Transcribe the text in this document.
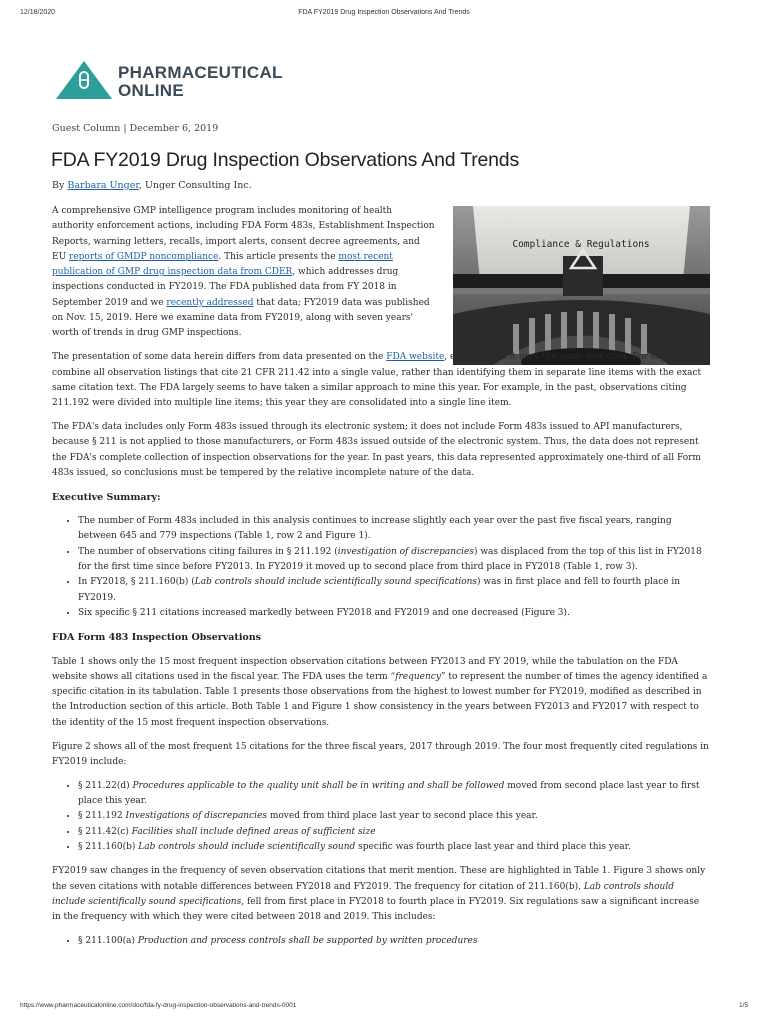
12/18/2020	FDA FY2019 Drug Inspection Observations And Trends
PHARMACEUTICAL
ONLINE
Guest Column | December 6, 2019
FDA FY2019 Drug Inspection Observations And Trends
By Barbara Unger, Unger Consulting Inc.
Compliance & Regulations

A comprehensive GMP intelligence program includes monitoring of health authority enforcement actions, including FDA Form 483s, Establishment Inspection Reports, warning letters, recalls, import alerts, consent decree agreements, and EU reports of GMDP noncompliance. This article presents the most recent publication of GMP drug inspection data from CDER, which addresses drug inspections conducted in FY2019. The FDA published data from FY 2018 in September 2019 and we recently addressed that data; FY2019 data was published on Nov. 15, 2019. Here we examine data from FY2019, along with seven years' worth of trends in drug GMP inspections.

The presentation of some data herein differs from data presented on the FDA website, even though it uses the same raw data. For example, I combine all observation listings that cite 21 CFR 211.42 into a single value, rather than identifying them in separate line items with the exact same citation text. The FDA largely seems to have taken a similar approach to mine this year. For example, in the past, observations citing 211.192 were divided into multiple line items; this year they are consolidated into a single line item.

The FDA's data includes only Form 483s issued through its electronic system; it does not include Form 483s issued to API manufacturers, because § 211 is not applied to those manufacturers, or Form 483s issued outside of the electronic system. Thus, the data does not represent the FDA's complete collection of inspection observations for the year. In past years, this data represented approximately one-third of all Form 483s issued, so conclusions must be tempered by the relative incomplete nature of the data.

Executive Summary:
• The number of Form 483s included in this analysis continues to increase slightly each year over the past five fiscal years, ranging between 645 and 779 inspections (Table 1, row 2 and Figure 1).
• The number of observations citing failures in § 211.192 (investigation of discrepancies) was displaced from the top of this list in FY2018 for the first time since before FY2013. In FY2019 it moved up to second place from third place in FY2018 (Table 1, row 3).
• In FY2018, § 211.160(b) (Lab controls should include scientifically sound specifications) was in first place and fell to fourth place in FY2019.
• Six specific § 211 citations increased markedly between FY2018 and FY2019 and one decreased (Figure 3).
FDA Form 483 Inspection Observations

Table 1 shows only the 15 most frequent inspection observation citations between FY2013 and FY 2019, while the tabulation on the FDA website shows all citations used in the fiscal year. The FDA uses the term “frequency” to represent the number of times the agency identified a specific citation in its tabulation. Table 1 presents those observations from the highest to lowest number for FY2019, modified as described in the Introduction section of this article. Both Table 1 and Figure 1 show consistency in the years between FY2013 and FY2017 with respect to the identity of the 15 most frequent inspection observations.

Figure 2 shows all of the most frequent 15 citations for the three fiscal years, 2017 through 2019. The four most frequently cited regulations in FY2019 include:

• § 211.22(d) Procedures applicable to the quality unit shall be in writing and shall be followed moved from second place last year to first place this year.
• § 211.192 Investigations of discrepancies moved from third place last year to second place this year.
• § 211.42(c) Facilities shall include defined areas of sufficient size
• § 211.160(b) Lab controls should include scientifically sound specific was fourth place last year and third place this year.

FY2019 saw changes in the frequency of seven observation citations that merit mention. These are highlighted in Table 1. Figure 3 shows only the seven citations with notable differences between FY2018 and FY2019. The frequency for citation of 211.160(b), Lab controls should include scientifically sound specifications, fell from first place in FY2018 to fourth place in FY2019. Six regulations saw a significant increase in the frequency with which they were cited between 2018 and 2019. This includes:

• § 211.100(a) Production and process controls shall be supported by written procedures
https://www.pharmaceuticalonline.com/doc/fda-fy-drug-inspection-observations-and-trends-0001	1/5
